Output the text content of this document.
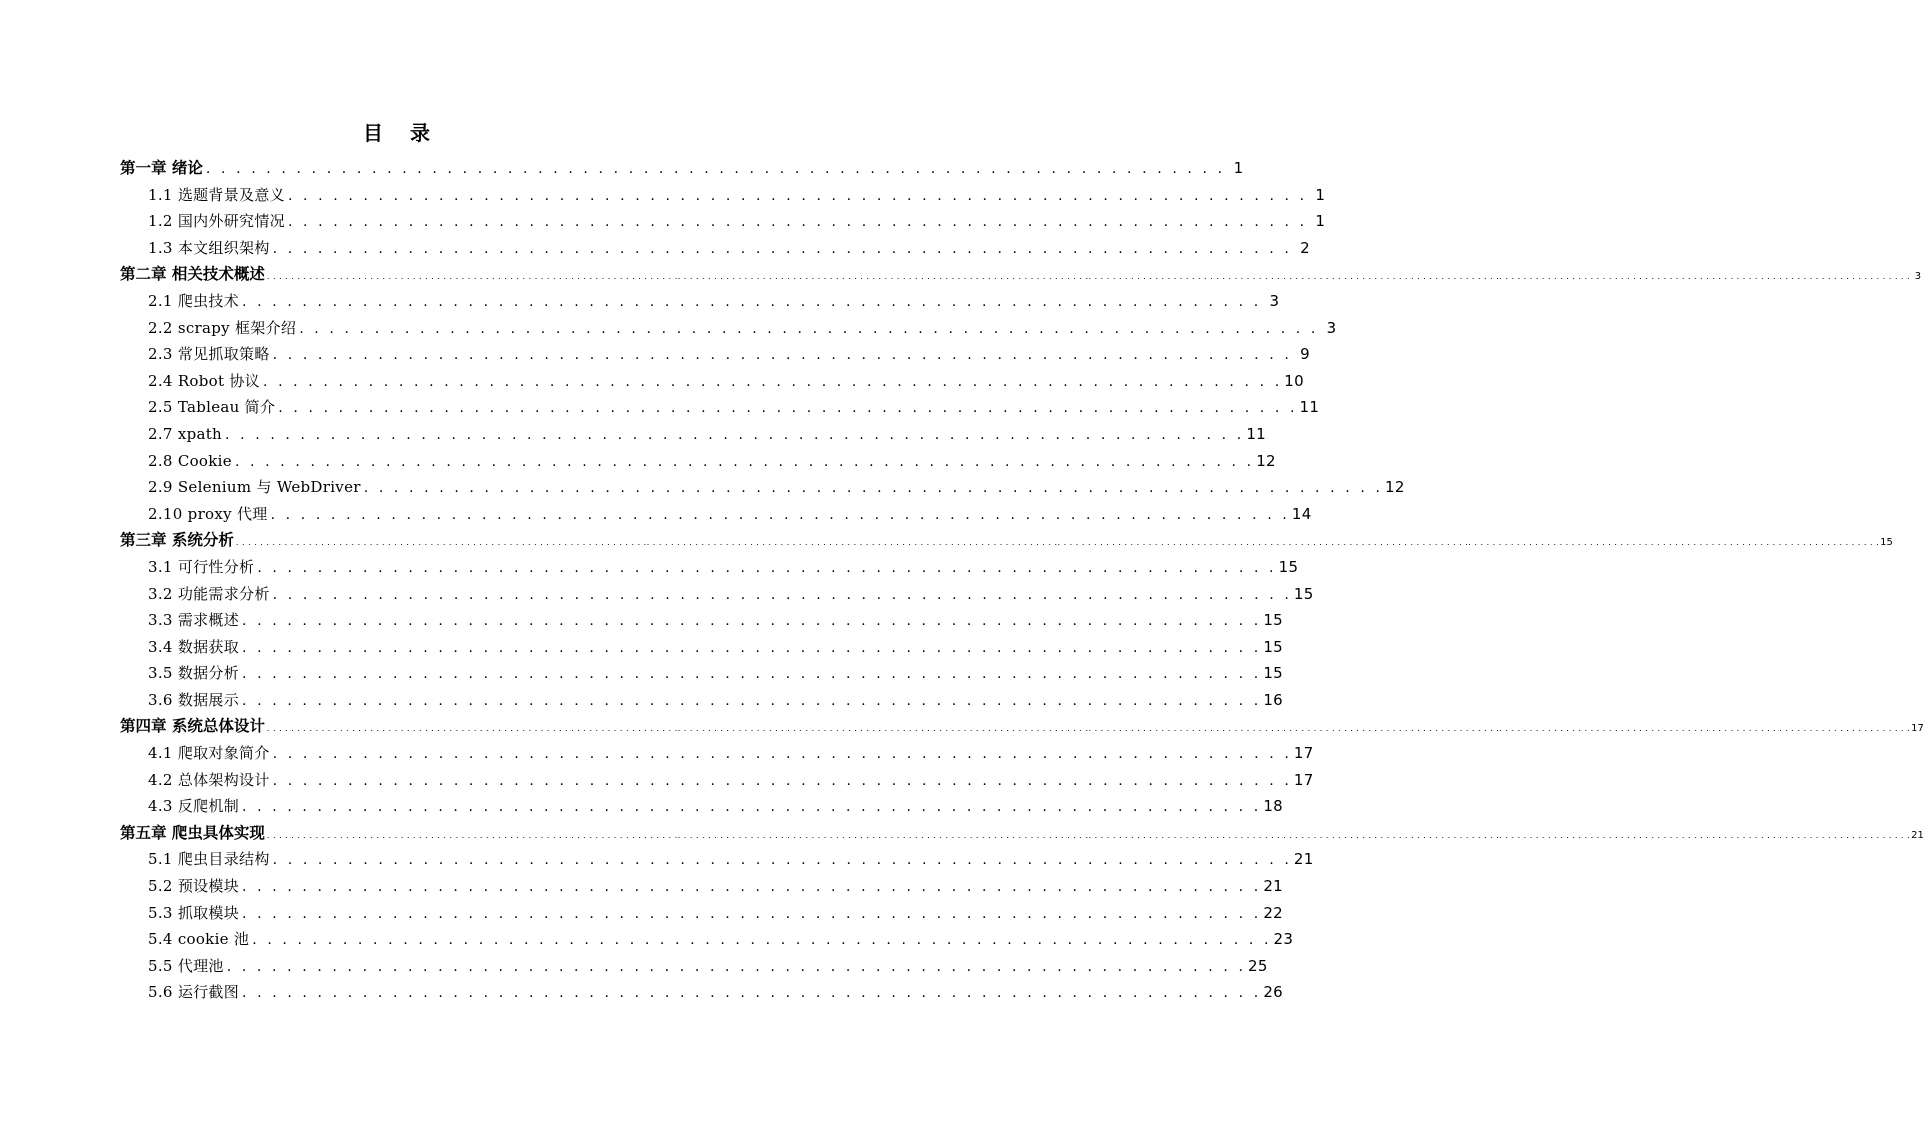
目 录
第一章 绪论 . . . . . . . . . . . . . . . . . . . . . . . . . . . . . . . . . . . . . . . . . . . . . . . . . . . . . . . . . . . . . . . . . . . . 1
1.1 选题背景及意义 . . . . . . . . . . . . . . . . . . . . . . . . . . . . . . . . . . . . . . . . . . . . . . . . . . . . . . . . . . . . . . . . . . . . 1
1.2 国内外研究情况 . . . . . . . . . . . . . . . . . . . . . . . . . . . . . . . . . . . . . . . . . . . . . . . . . . . . . . . . . . . . . . . . . . . . 1
1.3 本文组织架构 . . . . . . . . . . . . . . . . . . . . . . . . . . . . . . . . . . . . . . . . . . . . . . . . . . . . . . . . . . . . . . . . . . . . 2
第二章 相关技术概述 . . . . . . . . . . . . . . . . . . . . . . . . . . . . . . . . . . . . . . . . . . . . . . . . . . . . . . . . . . . . . . . . . . . .. . . . . . . . . . . . . . . . . . . . . . . . . . . . . . . . . . . . . . . . . . . . . . . . . . . . . . . . . . . . . . . . . . . .. . . . . . . . . . . . . . . . . . . . . . . . . . . . . . . . . . . . . . . . . . . . . . . . . . . . . . . . . . . . . . . . . . . .. . . . . . . . . . . . . . . . . . . . . . . . . . . . . . . . . . . . . . . . . . . . . . . . . . . . . . . . . . . . . . . . . . . . 3
2.1 爬虫技术 . . . . . . . . . . . . . . . . . . . . . . . . . . . . . . . . . . . . . . . . . . . . . . . . . . . . . . . . . . . . . . . . . . . . 3
2.2 scrapy 框架介绍 . . . . . . . . . . . . . . . . . . . . . . . . . . . . . . . . . . . . . . . . . . . . . . . . . . . . . . . . . . . . . . . . . . . . 3
2.3 常见抓取策略 . . . . . . . . . . . . . . . . . . . . . . . . . . . . . . . . . . . . . . . . . . . . . . . . . . . . . . . . . . . . . . . . . . . . 9
2.4 Robot 协议 . . . . . . . . . . . . . . . . . . . . . . . . . . . . . . . . . . . . . . . . . . . . . . . . . . . . . . . . . . . . . . . . . . . . 10
2.5 Tableau 简介 . . . . . . . . . . . . . . . . . . . . . . . . . . . . . . . . . . . . . . . . . . . . . . . . . . . . . . . . . . . . . . . . . . . . 11
2.7 xpath . . . . . . . . . . . . . . . . . . . . . . . . . . . . . . . . . . . . . . . . . . . . . . . . . . . . . . . . . . . . . . . . . . . . 11
2.8 Cookie . . . . . . . . . . . . . . . . . . . . . . . . . . . . . . . . . . . . . . . . . . . . . . . . . . . . . . . . . . . . . . . . . . . . 12
2.9 Selenium 与 WebDriver . . . . . . . . . . . . . . . . . . . . . . . . . . . . . . . . . . . . . . . . . . . . . . . . . . . . . . . . . . . . . . . . . . . . 12
2.10 proxy 代理 . . . . . . . . . . . . . . . . . . . . . . . . . . . . . . . . . . . . . . . . . . . . . . . . . . . . . . . . . . . . . . . . . . . . 14
第三章 系统分析 . . . . . . . . . . . . . . . . . . . . . . . . . . . . . . . . . . . . . . . . . . . . . . . . . . . . . . . . . . . . . . . . . . . .. . . . . . . . . . . . . . . . . . . . . . . . . . . . . . . . . . . . . . . . . . . . . . . . . . . . . . . . . . . . . . . . . . . .. . . . . . . . . . . . . . . . . . . . . . . . . . . . . . . . . . . . . . . . . . . . . . . . . . . . . . . . . . . . . . . . . . . .. . . . . . . . . . . . . . . . . . . . . . . . . . . . . . . . . . . . . . . . . . . . . . . . . . . . . . . . . . . . . . . . . . . . 15
3.1 可行性分析 . . . . . . . . . . . . . . . . . . . . . . . . . . . . . . . . . . . . . . . . . . . . . . . . . . . . . . . . . . . . . . . . . . . . 15
3.2 功能需求分析 . . . . . . . . . . . . . . . . . . . . . . . . . . . . . . . . . . . . . . . . . . . . . . . . . . . . . . . . . . . . . . . . . . . . 15
3.3 需求概述 . . . . . . . . . . . . . . . . . . . . . . . . . . . . . . . . . . . . . . . . . . . . . . . . . . . . . . . . . . . . . . . . . . . . 15
3.4 数据获取 . . . . . . . . . . . . . . . . . . . . . . . . . . . . . . . . . . . . . . . . . . . . . . . . . . . . . . . . . . . . . . . . . . . . 15
3.5 数据分析 . . . . . . . . . . . . . . . . . . . . . . . . . . . . . . . . . . . . . . . . . . . . . . . . . . . . . . . . . . . . . . . . . . . . 15
3.6 数据展示 . . . . . . . . . . . . . . . . . . . . . . . . . . . . . . . . . . . . . . . . . . . . . . . . . . . . . . . . . . . . . . . . . . . . 16
第四章 系统总体设计 . . . . . . . . . . . . . . . . . . . . . . . . . . . . . . . . . . . . . . . . . . . . . . . . . . . . . . . . . . . . . . . . . . . .. . . . . . . . . . . . . . . . . . . . . . . . . . . . . . . . . . . . . . . . . . . . . . . . . . . . . . . . . . . . . . . . . . . .. . . . . . . . . . . . . . . . . . . . . . . . . . . . . . . . . . . . . . . . . . . . . . . . . . . . . . . . . . . . . . . . . . . .. . . . . . . . . . . . . . . . . . . . . . . . . . . . . . . . . . . . . . . . . . . . . . . . . . . . . . . . . . . . . . . . . . . . 17
4.1 爬取对象简介 . . . . . . . . . . . . . . . . . . . . . . . . . . . . . . . . . . . . . . . . . . . . . . . . . . . . . . . . . . . . . . . . . . . . 17
4.2 总体架构设计 . . . . . . . . . . . . . . . . . . . . . . . . . . . . . . . . . . . . . . . . . . . . . . . . . . . . . . . . . . . . . . . . . . . . 17
4.3 反爬机制 . . . . . . . . . . . . . . . . . . . . . . . . . . . . . . . . . . . . . . . . . . . . . . . . . . . . . . . . . . . . . . . . . . . . 18
第五章 爬虫具体实现 . . . . . . . . . . . . . . . . . . . . . . . . . . . . . . . . . . . . . . . . . . . . . . . . . . . . . . . . . . . . . . . . . . . .. . . . . . . . . . . . . . . . . . . . . . . . . . . . . . . . . . . . . . . . . . . . . . . . . . . . . . . . . . . . . . . . . . . .. . . . . . . . . . . . . . . . . . . . . . . . . . . . . . . . . . . . . . . . . . . . . . . . . . . . . . . . . . . . . . . . . . . .. . . . . . . . . . . . . . . . . . . . . . . . . . . . . . . . . . . . . . . . . . . . . . . . . . . . . . . . . . . . . . . . . . . . 21
5.1 爬虫目录结构 . . . . . . . . . . . . . . . . . . . . . . . . . . . . . . . . . . . . . . . . . . . . . . . . . . . . . . . . . . . . . . . . . . . . 21
5.2 预设模块 . . . . . . . . . . . . . . . . . . . . . . . . . . . . . . . . . . . . . . . . . . . . . . . . . . . . . . . . . . . . . . . . . . . . 21
5.3 抓取模块 . . . . . . . . . . . . . . . . . . . . . . . . . . . . . . . . . . . . . . . . . . . . . . . . . . . . . . . . . . . . . . . . . . . . 22
5.4 cookie 池 . . . . . . . . . . . . . . . . . . . . . . . . . . . . . . . . . . . . . . . . . . . . . . . . . . . . . . . . . . . . . . . . . . . . 23
5.5 代理池 . . . . . . . . . . . . . . . . . . . . . . . . . . . . . . . . . . . . . . . . . . . . . . . . . . . . . . . . . . . . . . . . . . . . 25
5.6 运行截图 . . . . . . . . . . . . . . . . . . . . . . . . . . . . . . . . . . . . . . . . . . . . . . . . . . . . . . . . . . . . . . . . . . . . 26
